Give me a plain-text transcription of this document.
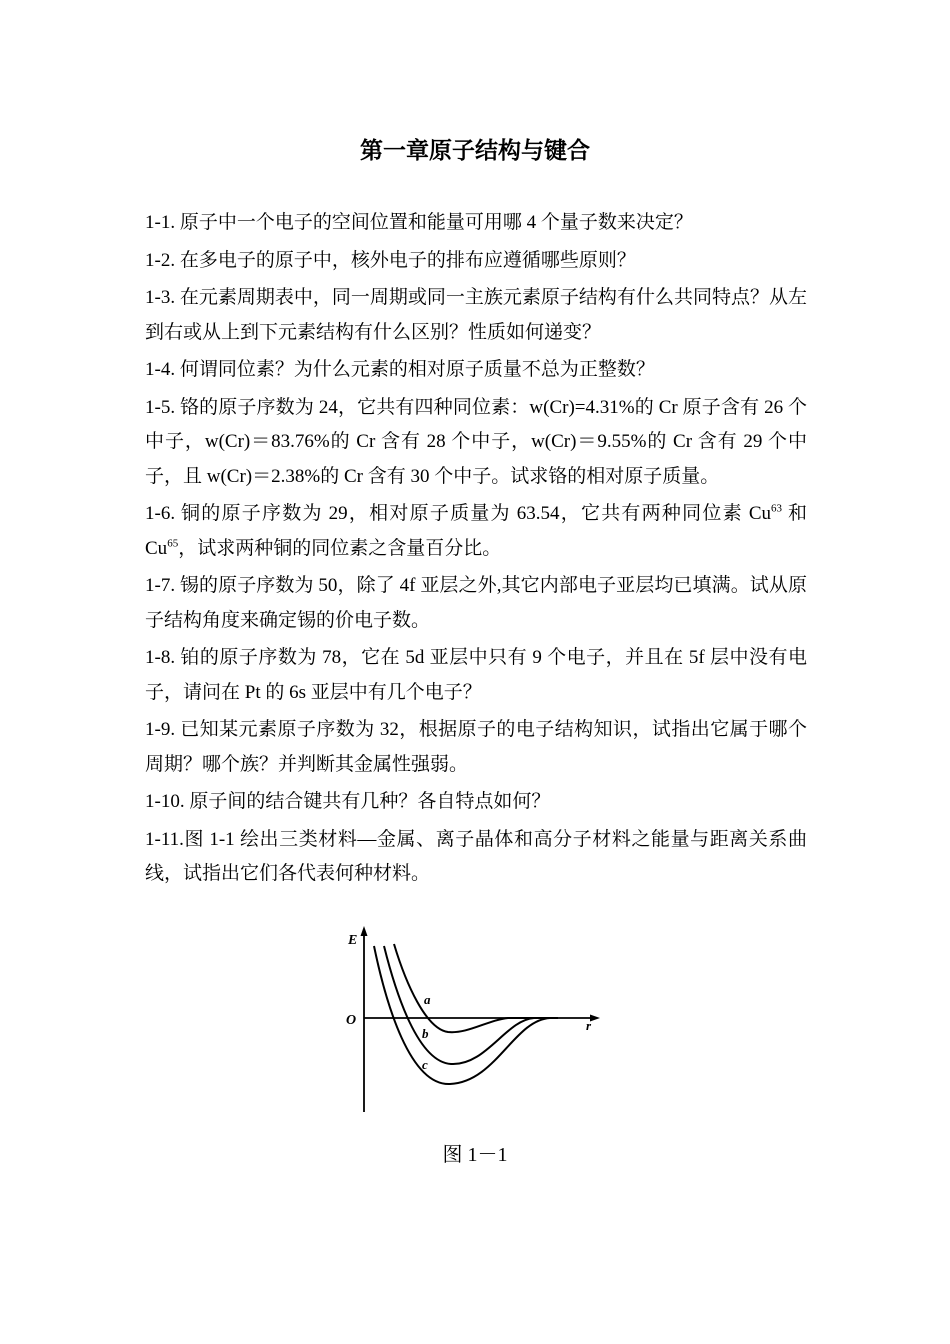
第一章原子结构与键合

1-1. 原子中一个电子的空间位置和能量可用哪 4 个量子数来决定？

1-2. 在多电子的原子中，核外电子的排布应遵循哪些原则？

1-3. 在元素周期表中，同一周期或同一主族元素原子结构有什么共同特点？从左到右或从上到下元素结构有什么区别？性质如何递变？

1-4. 何谓同位素？为什么元素的相对原子质量不总为正整数？

1-5. 铬的原子序数为 24，它共有四种同位素：w(Cr)=4.31%的 Cr 原子含有 26 个中子，w(Cr)＝83.76%的 Cr 含有 28 个中子，w(Cr)＝9.55%的 Cr 含有 29 个中子，且 w(Cr)＝2.38%的 Cr 含有 30 个中子。试求铬的相对原子质量。

1-6. 铜的原子序数为 29，相对原子质量为 63.54，它共有两种同位素 Cu$^{63}$ 和 Cu$^{65}$，试求两种铜的同位素之含量百分比。

1-7. 锡的原子序数为 50，除了 4f 亚层之外,其它内部电子亚层均已填满。试从原子结构角度来确定锡的价电子数。

1-8. 铂的原子序数为 78，它在 5d 亚层中只有 9 个电子，并且在 5f 层中没有电子，请问在 Pt 的 6s 亚层中有几个电子？

1-9. 已知某元素原子序数为 32，根据原子的电子结构知识，试指出它属于哪个周期？哪个族？并判断其金属性强弱。

1-10. 原子间的结合键共有几种？各自特点如何？

1-11.图 1-1 绘出三类材料—金属、离子晶体和高分子材料之能量与距离关系曲线，试指出它们各代表何种材料。

E
O	r
a
b
c
图 1－1
